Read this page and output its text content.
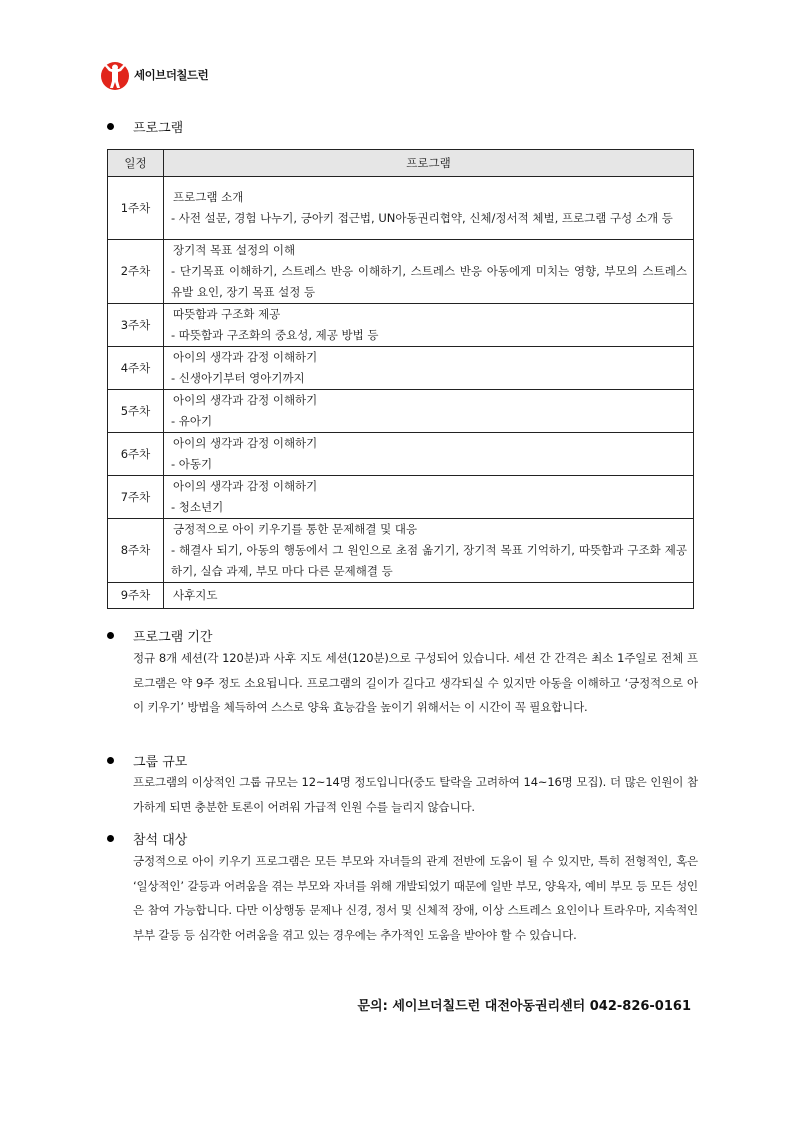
세이브더칠드런
프로그램
일정	프로그램
1주차	프로그램 소개
- 사전 설문, 경험 나누기, 긍아키 접근법, UN아동권리협약, 신체/정서적 체벌, 프로그램 구성 소개 등

2주차	장기적 목표 설정의 이해
- 단기목표 이해하기, 스트레스 반응 이해하기, 스트레스 반응 아동에게 미치는 영향, 부모의 스트레스 유발 요인, 장기 목표 설정 등

3주차	따뜻함과 구조화 제공
- 따뜻함과 구조화의 중요성, 제공 방법 등

4주차	아이의 생각과 감정 이해하기
- 신생아기부터 영아기까지

5주차	아이의 생각과 감정 이해하기
- 유아기

6주차	아이의 생각과 감정 이해하기
- 아동기

7주차	아이의 생각과 감정 이해하기
- 청소년기

8주차	긍정적으로 아이 키우기를 통한 문제해결 및 대응
- 해결사 되기, 아동의 행동에서 그 원인으로 초점 옮기기, 장기적 목표 기억하기, 따뜻함과 구조화 제공하기, 실습 과제, 부모 마다 다른 문제해결 등

9주차	사후지도
프로그램 기간
정규 8개 세션(각 120분)과 사후 지도 세션(120분)으로 구성되어 있습니다. 세션 간 간격은 최소 1주일로 전체 프로그램은 약 9주 정도 소요됩니다. 프로그램의 길이가 길다고 생각되실 수 있지만 아동을 이해하고 ‘긍정적으로 아이 키우기’ 방법을 체득하여 스스로 양육 효능감을 높이기 위해서는 이 시간이 꼭 필요합니다.
그룹 규모
프로그램의 이상적인 그룹 규모는 12~14명 정도입니다(중도 탈락을 고려하여 14~16명 모집). 더 많은 인원이 참가하게 되면 충분한 토론이 어려워 가급적 인원 수를 늘리지 않습니다.
참석 대상
긍정적으로 아이 키우기 프로그램은 모든 부모와 자녀들의 관계 전반에 도움이 될 수 있지만, 특히 전형적인, 혹은 ‘일상적인’ 갈등과 어려움을 겪는 부모와 자녀를 위해 개발되었기 때문에 일반 부모, 양육자, 예비 부모 등 모든 성인은 참여 가능합니다. 다만 이상행동 문제나 신경, 정서 및 신체적 장애, 이상 스트레스 요인이나 트라우마, 지속적인 부부 갈등 등 심각한 어려움을 겪고 있는 경우에는 추가적인 도움을 받아야 할 수 있습니다.
문의: 세이브더칠드런 대전아동권리센터 042-826-0161
